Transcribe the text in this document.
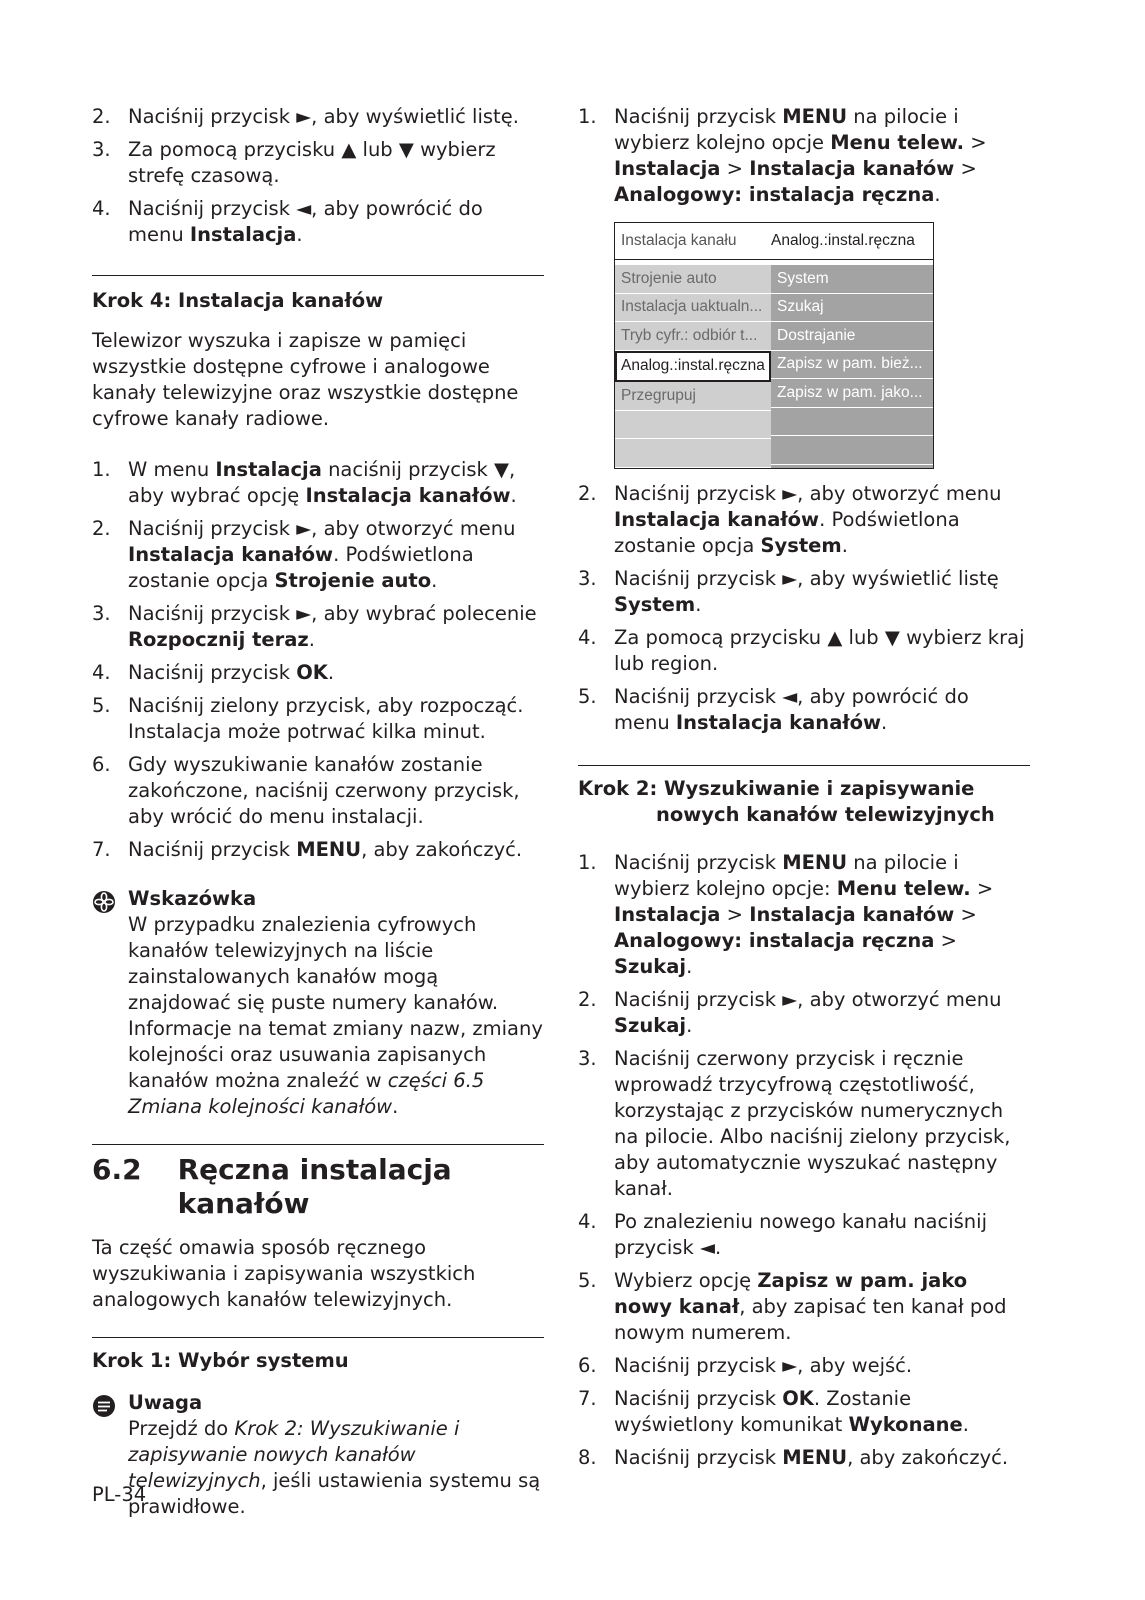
2. Naciśnij przycisk ►, aby wyświetlić listę.
3. Za pomocą przycisku ▲ lub ▼ wybierz strefę czasową.
4. Naciśnij przycisk ◄, aby powrócić do menu Instalacja.

Krok 4: Instalacja kanałów

Telewizor wyszuka i zapisze w pamięci wszystkie dostępne cyfrowe i analogowe kanały telewizyjne oraz wszystkie dostępne cyfrowe kanały radiowe.

1. W menu Instalacja naciśnij przycisk ▼, aby wybrać opcję Instalacja kanałów.
2. Naciśnij przycisk ►, aby otworzyć menu Instalacja kanałów. Podświetlona zostanie opcja Strojenie auto.
3. Naciśnij przycisk ►, aby wybrać polecenie Rozpocznij teraz.
4. Naciśnij przycisk OK.
5. Naciśnij zielony przycisk, aby rozpocząć. Instalacja może potrwać kilka minut.
6. Gdy wyszukiwanie kanałów zostanie zakończone, naciśnij czerwony przycisk, aby wrócić do menu instalacji.
7. Naciśnij przycisk MENU, aby zakończyć.
Wskazówka
W przypadku znalezienia cyfrowych kanałów telewizyjnych na liście zainstalowanych kanałów mogą znajdować się puste numery kanałów. Informacje na temat zmiany nazw, zmiany kolejności oraz usuwania zapisanych kanałów można znaleźć w części 6.5 Zmiana kolejności kanałów.
6.2 Ręczna instalacja kanałów

Ta część omawia sposób ręcznego wyszukiwania i zapisywania wszystkich analogowych kanałów telewizyjnych.

Krok 1: Wybór systemu

Uwaga
Przejdź do Krok 2: Wyszukiwanie i zapisywanie nowych kanałów telewizyjnych, jeśli ustawienia systemu są prawidłowe.
1. Naciśnij przycisk MENU na pilocie i wybierz kolejno opcje Menu telew. > Instalacja > Instalacja kanałów > Analogowy: instalacja ręczna.
Instalacja kanału	Analog.:instal.ręczna
Strojenie auto
Instalacja uaktualn...
Tryb cyfr.: odbiór t...
Analog.:instal.ręczna
Przegrupuj
System
Szukaj
Dostrajanie
Zapisz w pam. bież...
Zapisz w pam. jako...
2. Naciśnij przycisk ►, aby otworzyć menu Instalacja kanałów. Podświetlona zostanie opcja System.
3. Naciśnij przycisk ►, aby wyświetlić listę System.
4. Za pomocą przycisku ▲ lub ▼ wybierz kraj lub region.
5. Naciśnij przycisk ◄, aby powrócić do menu Instalacja kanałów.

Krok 2: Wyszukiwanie i zapisywanie
nowych kanałów telewizyjnych

1. Naciśnij przycisk MENU na pilocie i wybierz kolejno opcje: Menu telew. > Instalacja > Instalacja kanałów > Analogowy: instalacja ręczna > Szukaj.
2. Naciśnij przycisk ►, aby otworzyć menu Szukaj.
3. Naciśnij czerwony przycisk i ręcznie wprowadź trzycyfrową częstotliwość, korzystając z przycisków numerycznych na pilocie. Albo naciśnij zielony przycisk, aby automatycznie wyszukać następny kanał.
4. Po znalezieniu nowego kanału naciśnij przycisk ◄.
5. Wybierz opcję Zapisz w pam. jako nowy kanał, aby zapisać ten kanał pod nowym numerem.
6. Naciśnij przycisk ►, aby wejść.
7. Naciśnij przycisk OK. Zostanie wyświetlony komunikat Wykonane.
8. Naciśnij przycisk MENU, aby zakończyć.
PL-34
